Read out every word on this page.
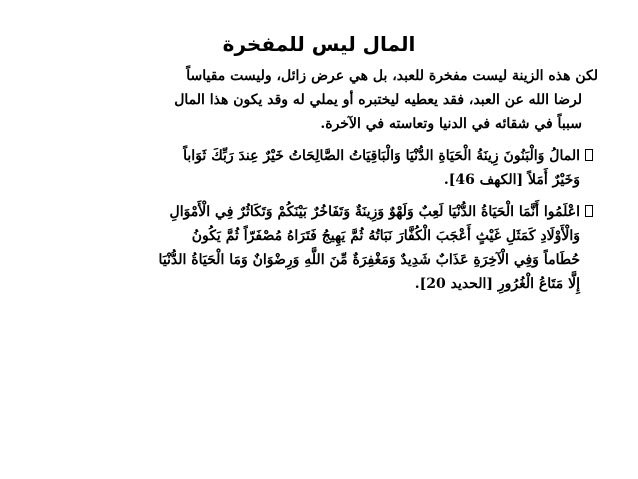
المال ليس للمفخرة
لكن هذه الزينة ليست مفخرة للعبد، بل هي عرض زائل، وليست مقياساً
لرضا الله عن العبد، فقد يعطيه ليختبره أو يملي له وقد يكون هذا المال
سبباً في شقائه في الدنيا وتعاسته في الآخرة.
المالُ وَالْبَنُونَ زِينَةُ الْحَيَاةِ الدُّنْيَا وَالْبَاقِيَاتُ الصَّالِحَاتُ خَيْرٌ عِندَ رَبِّكَ ثَوَاباً
وَخَيْرٌ أَمَلاً [الكهف 46].
اعْلَمُوا أَنَّمَا الْحَيَاةُ الدُّنْيَا لَعِبٌ وَلَهْوٌ وَزِينَةٌ وَتَفَاخُرٌ بَيْنَكُمْ وَتَكَاثُرٌ فِي الْأَمْوَالِ
وَالْأَوْلَادِ كَمَثَلِ غَيْثٍ أَعْجَبَ الْكُفَّارَ نَبَاتُهُ ثُمَّ يَهِيجُ فَتَرَاهُ مُصْفَرّاً ثُمَّ يَكُونُ
حُطَاماً وَفِي الْآخِرَةِ عَذَابٌ شَدِيدٌ وَمَغْفِرَةٌ مِّنَ اللَّهِ وَرِضْوَانٌ وَمَا الْحَيَاةُ الدُّنْيَا
إِلَّا مَتَاعُ الْغُرُورِ [الحديد 20].
